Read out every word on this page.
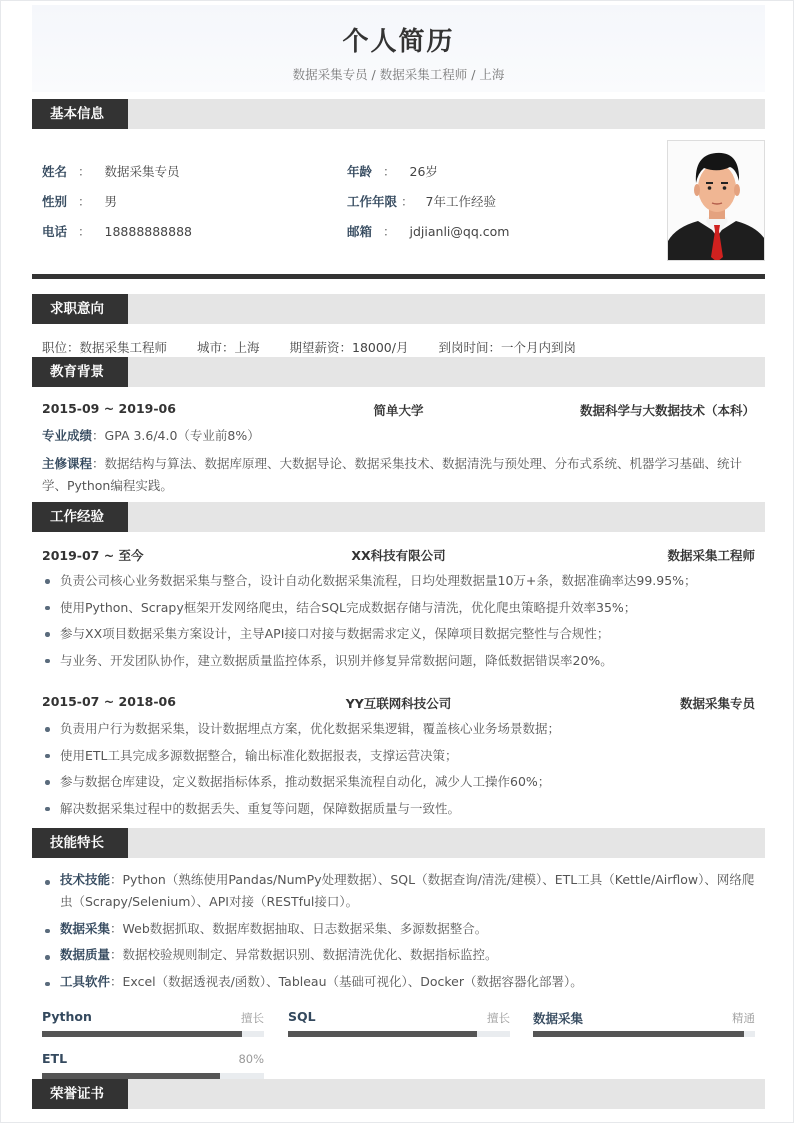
个人简历
数据采集专员 / 数据采集工程师 / 上海
基本信息
姓名 ： 数据采集专员
性别 ： 男
电话 ： 18888888888
年龄 ： 26岁
工作年限 ： 7年工作经验
邮箱 ： jdjianli@qq.com
求职意向
职位：数据采集工程师 城市：上海 期望薪资：18000/月 到岗时间：一个月内到岗
教育背景
2015-09 ~ 2019-06	简单大学	数据科学与大数据技术（本科）
专业成绩：GPA 3.6/4.0（专业前8%）
主修课程：数据结构与算法、数据库原理、大数据导论、数据采集技术、数据清洗与预处理、分布式系统、机器学习基础、统计学、Python编程实践。
工作经验
2019-07 ~ 至今	XX科技有限公司	数据采集工程师
负责公司核心业务数据采集与整合，设计自动化数据采集流程，日均处理数据量10万+条，数据准确率达99.95%；
使用Python、Scrapy框架开发网络爬虫，结合SQL完成数据存储与清洗，优化爬虫策略提升效率35%；
参与XX项目数据采集方案设计，主导API接口对接与数据需求定义，保障项目数据完整性与合规性；
与业务、开发团队协作，建立数据质量监控体系，识别并修复异常数据问题，降低数据错误率20%。
2015-07 ~ 2018-06	YY互联网科技公司	数据采集专员
负责用户行为数据采集，设计数据埋点方案，优化数据采集逻辑，覆盖核心业务场景数据；
使用ETL工具完成多源数据整合，输出标准化数据报表，支撑运营决策；
参与数据仓库建设，定义数据指标体系，推动数据采集流程自动化，减少人工操作60%；
解决数据采集过程中的数据丢失、重复等问题，保障数据质量与一致性。
技能特长
技术技能：Python（熟练使用Pandas/NumPy处理数据）、SQL（数据查询/清洗/建模）、ETL工具（Kettle/Airflow）、网络爬虫（Scrapy/Selenium）、API对接（RESTful接口）。
数据采集：Web数据抓取、数据库数据抽取、日志数据采集、多源数据整合。
数据质量：数据校验规则制定、异常数据识别、数据清洗优化、数据指标监控。
工具软件：Excel（数据透视表/函数）、Tableau（基础可视化）、Docker（数据容器化部署）。
Python	擅长 SQL	擅长 数据采集	精通
ETL	80%
荣誉证书
